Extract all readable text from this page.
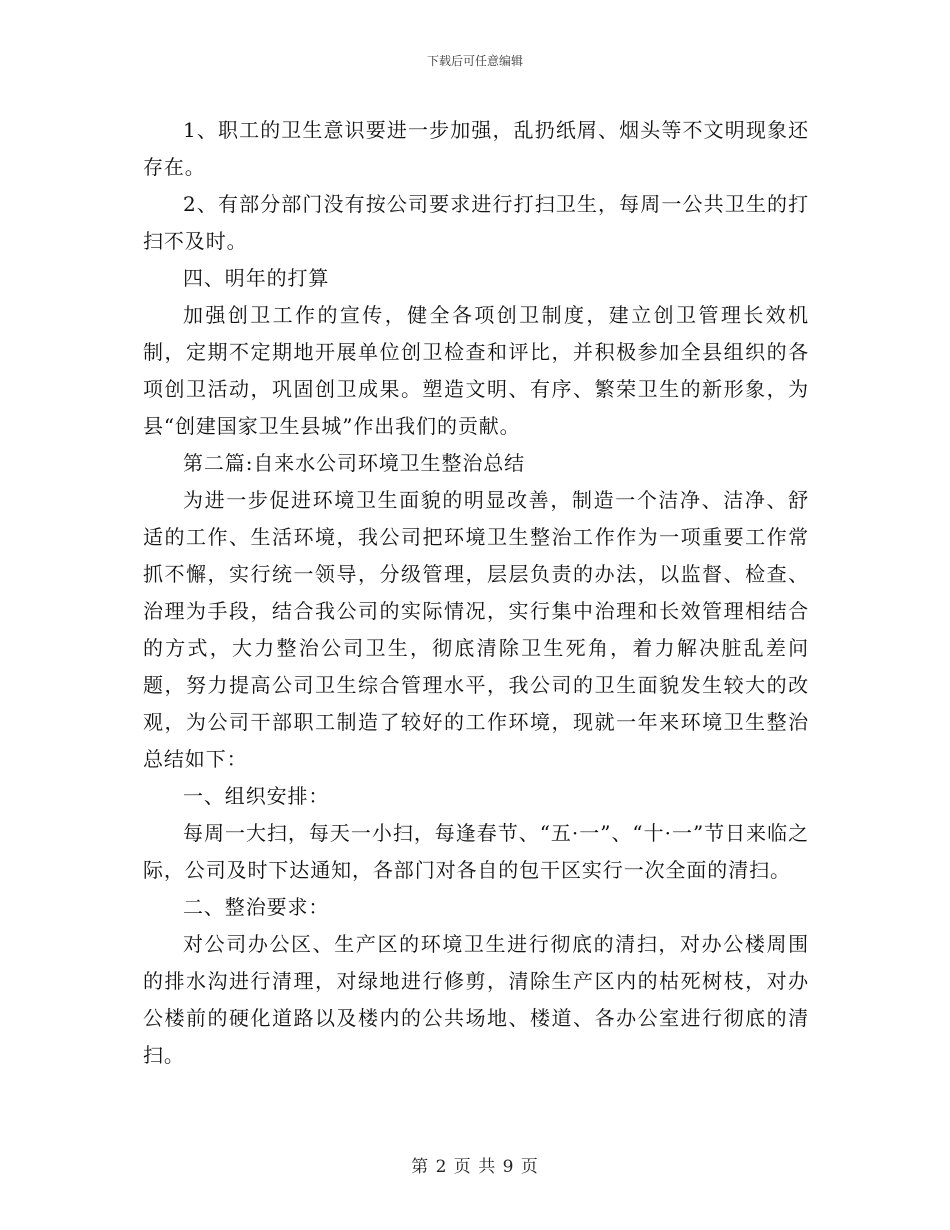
下载后可任意编辑

1、职工的卫生意识要进一步加强，乱扔纸屑、烟头等不文明现象还存在。

2、有部分部门没有按公司要求进行打扫卫生，每周一公共卫生的打扫不及时。

四、明年的打算

加强创卫工作的宣传，健全各项创卫制度，建立创卫管理长效机制，定期不定期地开展单位创卫检查和评比，并积极参加全县组织的各项创卫活动，巩固创卫成果。塑造文明、有序、繁荣卫生的新形象，为县“创建国家卫生县城”作出我们的贡献。

第二篇:自来水公司环境卫生整治总结

为进一步促进环境卫生面貌的明显改善，制造一个洁净、洁净、舒适的工作、生活环境，我公司把环境卫生整治工作作为一项重要工作常抓不懈，实行统一领导，分级管理，层层负责的办法，以监督、检查、治理为手段，结合我公司的实际情况，实行集中治理和长效管理相结合的方式，大力整治公司卫生，彻底清除卫生死角，着力解决脏乱差问题，努力提高公司卫生综合管理水平，我公司的卫生面貌发生较大的改观，为公司干部职工制造了较好的工作环境，现就一年来环境卫生整治总结如下：

一、组织安排：

每周一大扫，每天一小扫，每逢春节、“五·一”、“十·一”节日来临之际，公司及时下达通知，各部门对各自的包干区实行一次全面的清扫。

二、整治要求：

对公司办公区、生产区的环境卫生进行彻底的清扫，对办公楼周围的排水沟进行清理，对绿地进行修剪，清除生产区内的枯死树枝，对办公楼前的硬化道路以及楼内的公共场地、楼道、各办公室进行彻底的清扫。

第 2 页 共 9 页
